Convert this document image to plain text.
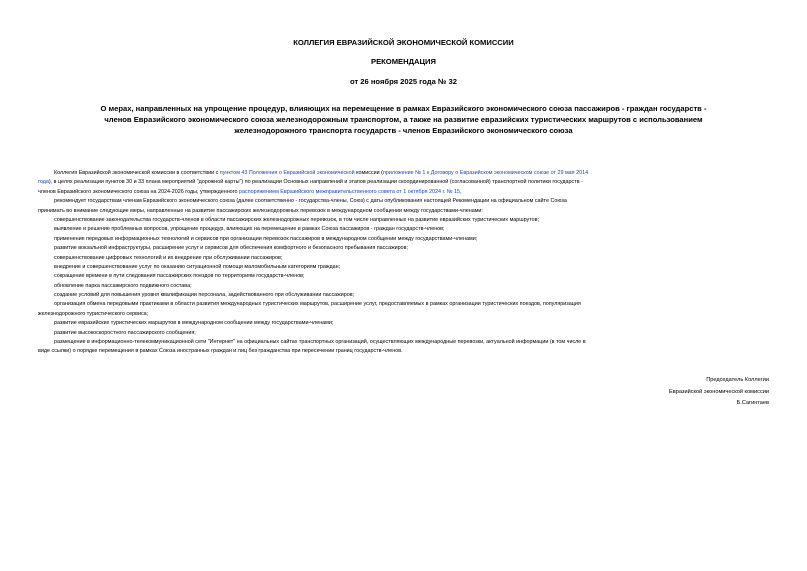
КОЛЛЕГИЯ ЕВРАЗИЙСКОЙ ЭКОНОМИЧЕСКОЙ КОМИССИИ
РЕКОМЕНДАЦИЯ
от 26 ноября 2025 года № 32
О мерах, направленных на упрощение процедур, влияющих на перемещение в рамках Евразийского экономического союза пассажиров - граждан государств -
членов Евразийского экономического союза железнодорожным транспортом, а также на развитие евразийских туристических маршрутов с использованием
железнодорожного транспорта государств - членов Евразийского экономического союза
Коллегия Евразийской экономической комиссии в соответствии с пунктом 43 Положения о Евразийской экономической комиссии (приложение № 1 к Договору о Евразийском экономическом союзе от 29 мая 2014
года), в целях реализации пунктов 30 и 33 плана мероприятий "дорожной карты") по реализации Основных направлений и этапов реализации скоординированной (согласованной) транспортной политики государств -
членов Евразийского экономического союза на 2024-2026 годы, утвержденного распоряжением Евразийского межправительственного совета от 1 октября 2024 г. № 15,
рекомендует государствам членам Евразийского экономического союза (далее соответственно - государства-члены, Союз) с даты опубликования настоящей Рекомендации на официальном сайте Союза
принимать во внимание следующие меры, направленные на развитие пассажирских железнодорожных перевозок в международном сообщении между государствами-членами:
совершенствование законодательства государств-членов в области пассажирских железнодорожных перевозок, в том числе направленных на развитие евразийских туристических маршрутов;
выявление и решение проблемных вопросов, упрощение процедур, влияющих на перемещение в рамках Союза пассажиров - граждан государств-членов;
применение передовых информационных технологий и сервисов при организации перевозок пассажиров в международном сообщении между государствами-членами;
развитие вокзальной инфраструктуры, расширение услуг и сервисов для обеспечения комфортного и безопасного пребывания пассажиров;
совершенствование цифровых технологий и их внедрение при обслуживании пассажиров;
внедрение и совершенствование услуг по оказанию ситуационной помощи маломобильным категориям граждан;
сокращение времени в пути следования пассажирских поездов по территориям государств-членов;
обновление парка пассажирского подвижного состава;
создание условий для повышения уровня квалификации персонала, задействованного при обслуживании пассажиров;
организация обмена передовыми практиками в области развития международных туристических маршрутов, расширение услуг, предоставляемых в рамках организации туристических поездов, популяризация
железнодорожного туристического сервиса;
развитие евразийских туристических маршрутов в международном сообщении между государствами-членами;
развитие высокоскоростного пассажирского сообщения;
размещение в информационно-телекоммуникационной сети "Интернет" на официальных сайтах транспортных организаций, осуществляющих международные перевозки, актуальной информации (в том числе в
виде ссылки) о порядке перемещения в рамках Союза иностранных граждан и лиц без гражданства при пересечении границ государств-членов.
Председатель Коллегии
Евразийской экономической комиссии
Б.Сагинтаев
